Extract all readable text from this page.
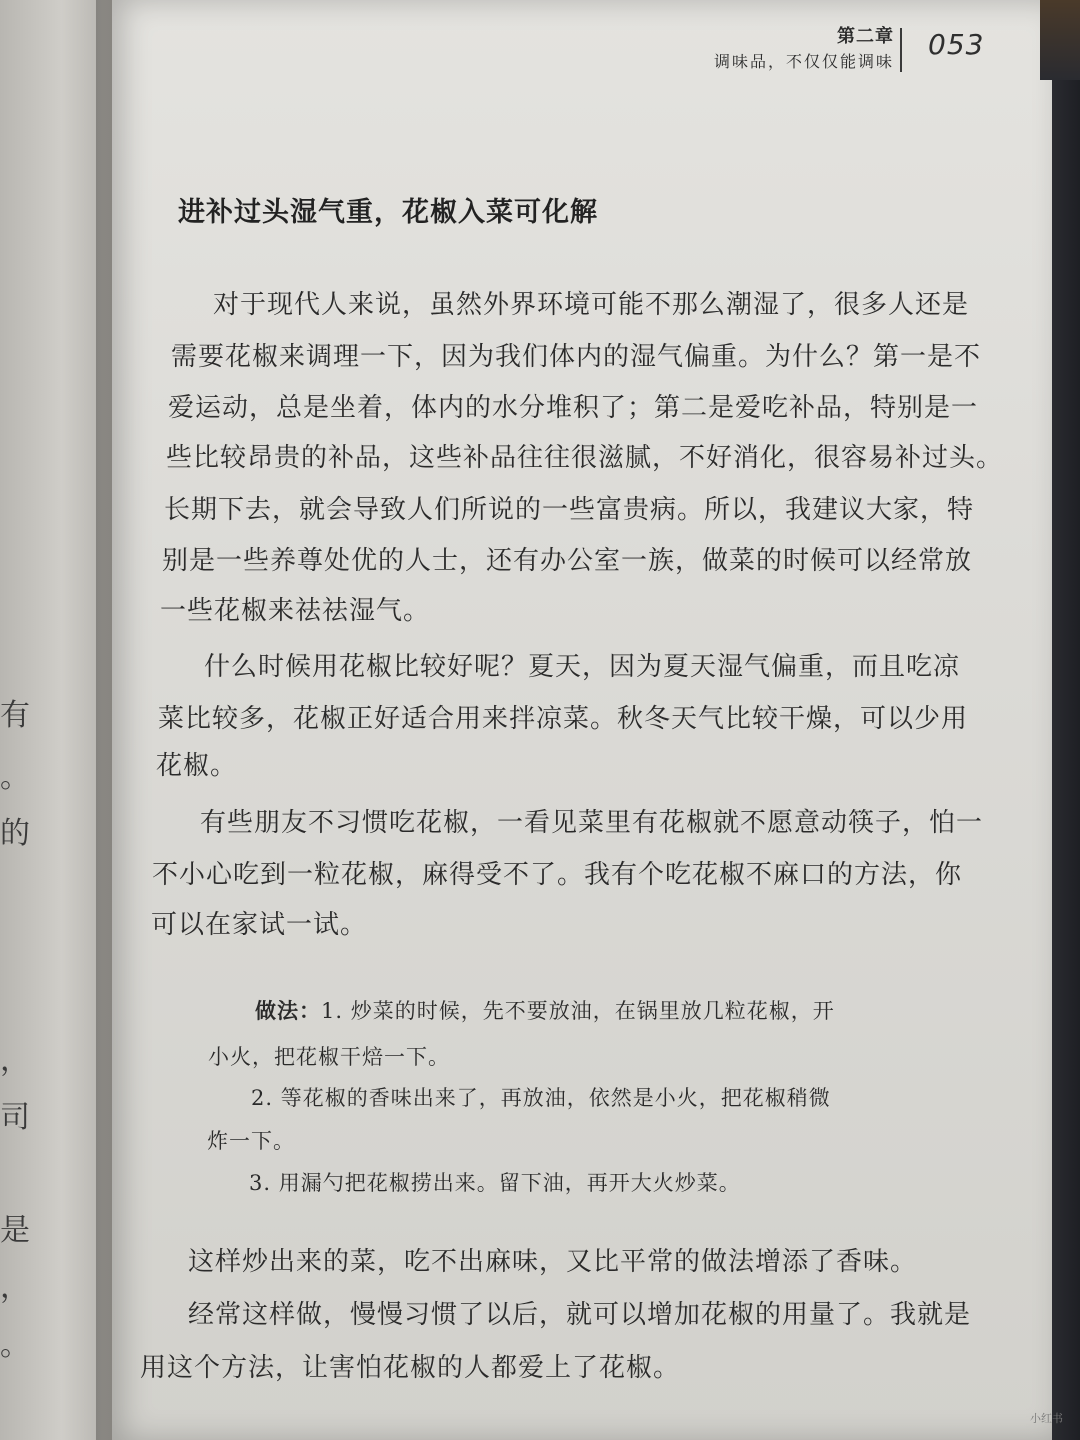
有
。
的
，
司
是
，
。
第二章
调味品，不仅仅能调味
053
进补过头湿气重，花椒入菜可化解
对于现代人来说，虽然外界环境可能不那么潮湿了，很多人还是
需要花椒来调理一下，因为我们体内的湿气偏重。为什么？第一是不
爱运动，总是坐着，体内的水分堆积了；第二是爱吃补品，特别是一
些比较昂贵的补品，这些补品往往很滋腻，不好消化，很容易补过头。
长期下去，就会导致人们所说的一些富贵病。所以，我建议大家，特
别是一些养尊处优的人士，还有办公室一族，做菜的时候可以经常放
一些花椒来祛祛湿气。
什么时候用花椒比较好呢？夏天，因为夏天湿气偏重，而且吃凉
菜比较多，花椒正好适合用来拌凉菜。秋冬天气比较干燥，可以少用
花椒。
有些朋友不习惯吃花椒，一看见菜里有花椒就不愿意动筷子，怕一
不小心吃到一粒花椒，麻得受不了。我有个吃花椒不麻口的方法，你
可以在家试一试。
做法：1. 炒菜的时候，先不要放油，在锅里放几粒花椒，开
小火，把花椒干焙一下。
2. 等花椒的香味出来了，再放油，依然是小火，把花椒稍微
炸一下。
3. 用漏勺把花椒捞出来。留下油，再开大火炒菜。
这样炒出来的菜，吃不出麻味，又比平常的做法增添了香味。
经常这样做，慢慢习惯了以后，就可以增加花椒的用量了。我就是
用这个方法，让害怕花椒的人都爱上了花椒。
小红书
